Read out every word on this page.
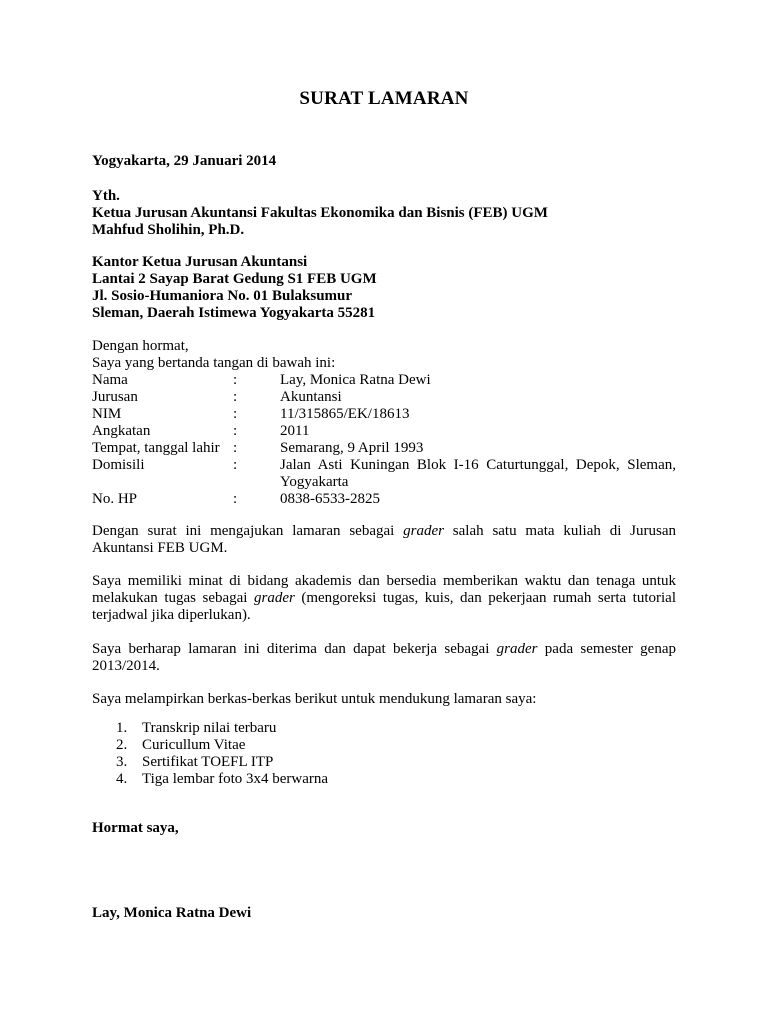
SURAT LAMARAN
Yogyakarta, 29 Januari 2014
Yth.
Ketua Jurusan Akuntansi Fakultas Ekonomika dan Bisnis (FEB) UGM
Mahfud Sholihin, Ph.D.
Kantor Ketua Jurusan Akuntansi
Lantai 2 Sayap Barat Gedung S1 FEB UGM
Jl. Sosio-Humaniora No. 01 Bulaksumur
Sleman, Daerah Istimewa Yogyakarta 55281
Dengan hormat,
Saya yang bertanda tangan di bawah ini:
Nama	:	Lay, Monica Ratna Dewi
Jurusan	:	Akuntansi
NIM	:	11/315865/EK/18613
Angkatan	:	2011
Tempat, tanggal lahir :	Semarang, 9 April 1993
Domisili	:	Jalan Asti Kuningan Blok I-16 Caturtunggal, Depok, Sleman,
Yogyakarta
No. HP	:	0838-6533-2825
Dengan surat ini mengajukan lamaran sebagai grader salah satu mata kuliah di Jurusan Akuntansi FEB UGM.
Saya memiliki minat di bidang akademis dan bersedia memberikan waktu dan tenaga untuk melakukan tugas sebagai grader (mengoreksi tugas, kuis, dan pekerjaan rumah serta tutorial terjadwal jika diperlukan).
Saya berharap lamaran ini diterima dan dapat bekerja sebagai grader pada semester genap 2013/2014.
Saya melampirkan berkas-berkas berikut untuk mendukung lamaran saya:
1. Transkrip nilai terbaru
2. Curicullum Vitae
3. Sertifikat TOEFL ITP
4. Tiga lembar foto 3x4 berwarna
Hormat saya,
Lay, Monica Ratna Dewi
